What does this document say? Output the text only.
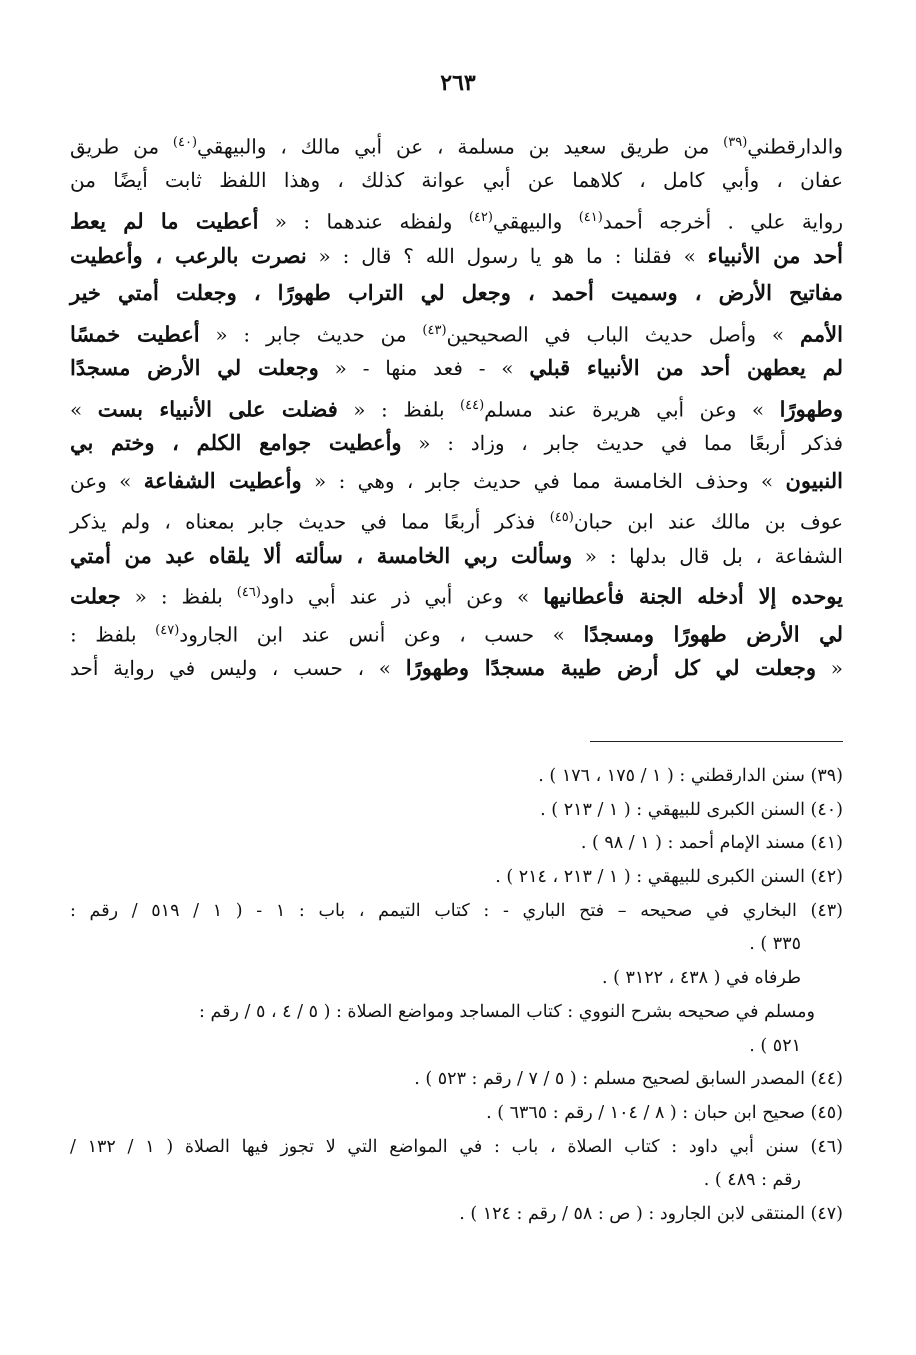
٢٦٣
والدارقطني$^{(٣٩)}$ من طريق سعيد بن مسلمة ، عن أبي مالك ، والبيهقي$^{(٤٠)}$ من طريق
عفان ، وأبي كامل ، كلاهما عن أبي عوانة كذلك ، وهذا اللفظ ثابت أيضًا من
رواية علي . أخرجه أحمد$^{(٤١)}$ والبيهقي$^{(٤٢)}$ ولفظه عندهما : « أعطيت ما لم يعط
أحد من الأنبياء » فقلنا : ما هو يا رسول الله ؟ قال : « نصرت بالرعب ، وأعطيت
مفاتيح الأرض ، وسميت أحمد ، وجعل لي التراب طهورًا ، وجعلت أمتي خير
الأمم » وأصل حديث الباب في الصحيحين$^{(٤٣)}$ من حديث جابر : « أعطيت خمسًا
لم يعطهن أحد من الأنبياء قبلي » - فعد منها - « وجعلت لي الأرض مسجدًا
وطهورًا » وعن أبي هريرة عند مسلم$^{(٤٤)}$ بلفظ : « فضلت على الأنبياء بست »
فذكر أربعًا مما في حديث جابر ، وزاد : « وأعطيت جوامع الكلم ، وختم بي
النبيون » وحذف الخامسة مما في حديث جابر ، وهي : « وأعطيت الشفاعة » وعن
عوف بن مالك عند ابن حبان$^{(٤٥)}$ فذكر أربعًا مما في حديث جابر بمعناه ، ولم يذكر
الشفاعة ، بل قال بدلها : « وسألت ربي الخامسة ، سألته ألا يلقاه عبد من أمتي
يوحده إلا أدخله الجنة فأعطانيها » وعن أبي ذر عند أبي داود$^{(٤٦)}$ بلفظ : « جعلت
لي الأرض طهورًا ومسجدًا » حسب ، وعن أنس عند ابن الجارود$^{(٤٧)}$ بلفظ :
« وجعلت لي كل أرض طيبة مسجدًا وطهورًا » ، حسب ، وليس في رواية أحد
(٣٩) سنن الدارقطني : ( ١ / ١٧٥ ، ١٧٦ ) .
(٤٠) السنن الكبرى للبيهقي : ( ١ / ٢١٣ ) .
(٤١) مسند الإمام أحمد : ( ١ / ٩٨ ) .
(٤٢) السنن الكبرى للبيهقي : ( ١ / ٢١٣ ، ٢١٤ ) .
(٤٣) البخاري في صحيحه – فتح الباري - : كتاب التيمم ، باب : ١ - ( ١ / ٥١٩ / رقم :
٣٣٥ ) .
طرفاه في ( ٤٣٨ ، ٣١٢٢ ) .
ومسلم في صحيحه بشرح النووي : كتاب المساجد ومواضع الصلاة : ( ٥ / ٤ ، ٥ / رقم :
٥٢١ ) .
(٤٤) المصدر السابق لصحيح مسلم : ( ٥ / ٧ / رقم : ٥٢٣ ) .
(٤٥) صحيح ابن حبان : ( ٨ / ١٠٤ / رقم : ٦٣٦٥ ) .
(٤٦) سنن أبي داود : كتاب الصلاة ، باب : في المواضع التي لا تجوز فيها الصلاة ( ١ / ١٣٢ /
رقم : ٤٨٩ ) .
(٤٧) المنتقى لابن الجارود : ( ص : ٥٨ / رقم : ١٢٤ ) .
